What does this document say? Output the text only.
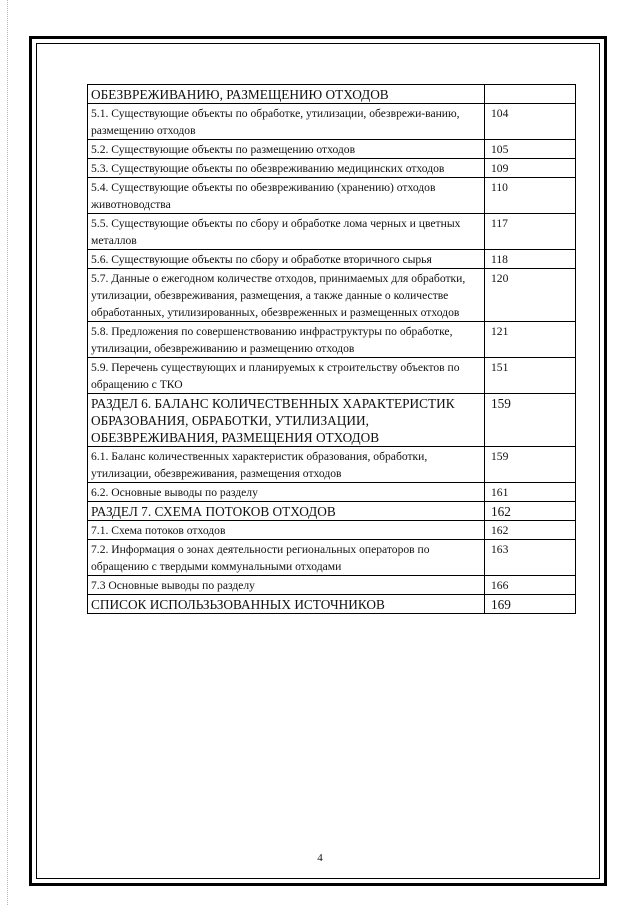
ОБЕЗВРЕЖИВАНИЮ, РАЗМЕЩЕНИЮ ОТХОДОВ	
5.1. Существующие объекты по обработке, утилизации, обезврежи-ванию, размещению отходов	104
5.2. Существующие объекты по размещению отходов	105
5.3. Существующие объекты по обезвреживанию медицинских отходов	109
5.4. Существующие объекты по обезвреживанию (хранению) отходов животноводства	110
5.5. Существующие объекты по сбору и обработке лома черных и цветных металлов	117
5.6. Существующие объекты по сбору и обработке вторичного сырья	118
5.7. Данные о ежегодном количестве отходов, принимаемых для обработки, утилизации, обезвреживания, размещения, а также данные о количестве обработанных, утилизированных, обезвреженных и размещенных отходов	120
5.8. Предложения по совершенствованию инфраструктуры по обработке, утилизации, обезвреживанию и размещению отходов	121
5.9. Перечень существующих и планируемых к строительству объектов по обращению с ТКО	151
РАЗДЕЛ 6. БАЛАНС КОЛИЧЕСТВЕННЫХ ХАРАКТЕРИСТИК ОБРАЗОВАНИЯ, ОБРАБОТКИ, УТИЛИЗАЦИИ, ОБЕЗВРЕЖИВАНИЯ, РАЗМЕЩЕНИЯ ОТХОДОВ	159
6.1. Баланс количественных характеристик образования, обработки, утилизации, обезвреживания, размещения отходов	159
6.2. Основные выводы по разделу	161
РАЗДЕЛ 7. СХЕМА ПОТОКОВ ОТХОДОВ	162
7.1. Схема потоков отходов	162
7.2. Информация о зонах деятельности региональных операторов по обращению с твердыми коммунальными отходами	163
7.3 Основные выводы по разделу	166
СПИСОК ИСПОЛЬЗЬЗОВАННЫХ ИСТОЧНИКОВ	169
4
